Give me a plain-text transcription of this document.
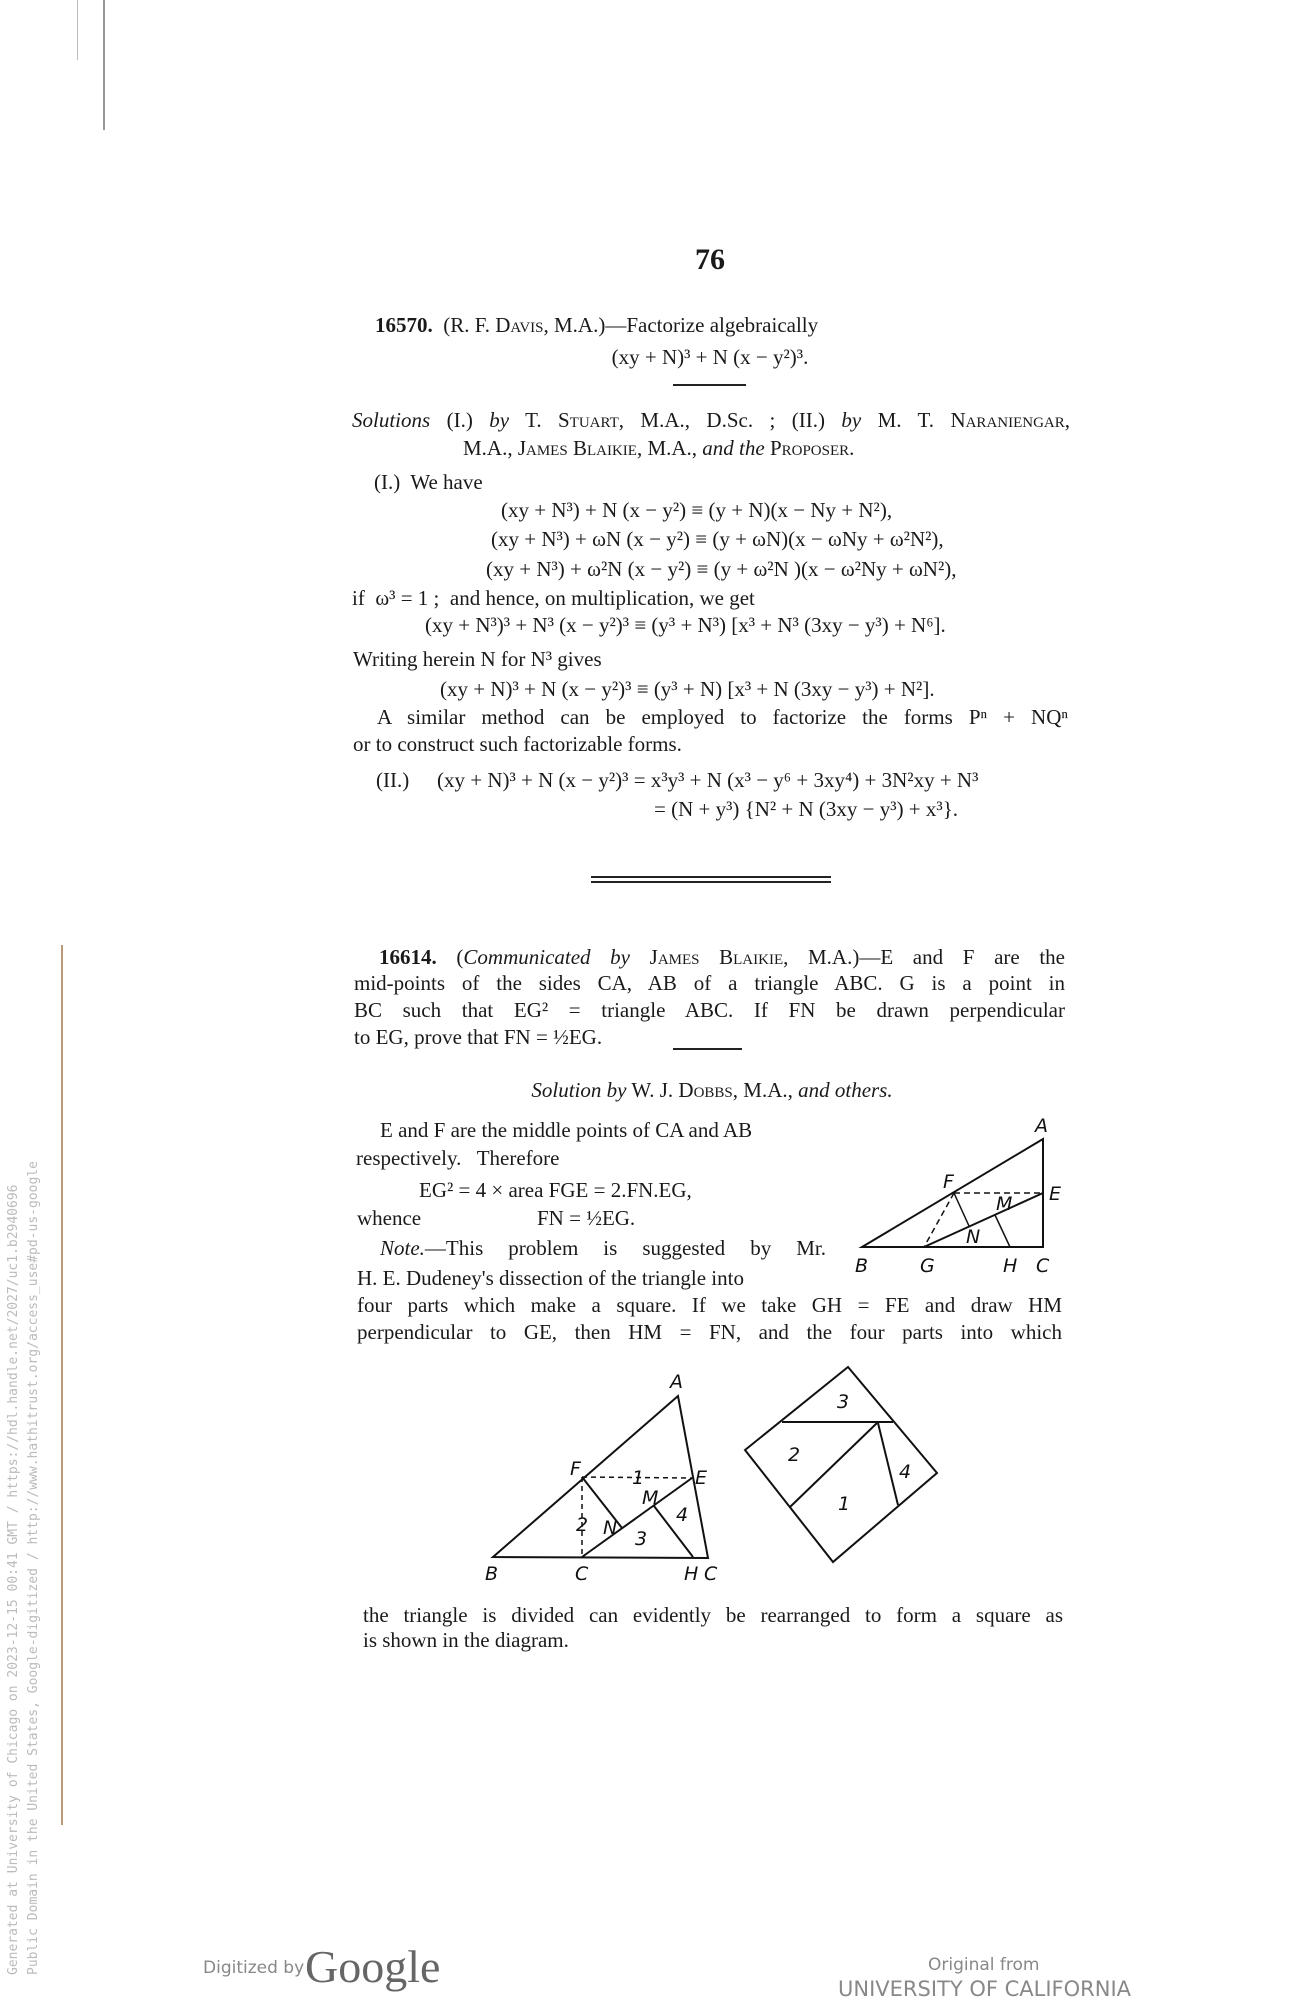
76
16570.  (R. F. Davis, M.A.)—Factorize algebraically
(xy + N)³ + N (x − y²)³.
Solutions (I.) by T. Stuart, M.A., D.Sc. ; (II.) by M. T. Naraniengar,
M.A., James Blaikie, M.A., and the Proposer.
(I.)  We have
(xy + N³) + N (x − y²) ≡ (y + N)(x − Ny + N²),
(xy + N³) + ωN (x − y²) ≡ (y + ωN)(x − ωNy + ω²N²),
(xy + N³) + ω²N (x − y²) ≡ (y + ω²N )(x − ω²Ny + ωN²),
if  ω³ = 1 ;  and hence, on multiplication, we get
(xy + N³)³ + N³ (x − y²)³ ≡ (y³ + N³) [x³ + N³ (3xy − y³) + N⁶].
Writing herein N for N³ gives
(xy + N)³ + N (x − y²)³ ≡ (y³ + N) [x³ + N (3xy − y³) + N²].
A similar method can be employed to factorize the forms Pⁿ + NQⁿ
or to construct such factorizable forms.
(II.) (xy + N)³ + N (x − y²)³ = x³y³ + N (x³ − y⁶ + 3xy⁴) + 3N²xy + N³
= (N + y³) {N² + N (3xy − y³) + x³}.
16614. (Communicated by James Blaikie, M.A.)—E and F are the
mid-points of the sides CA, AB of a triangle ABC. G is a point in
BC such that EG² = triangle ABC. If FN be drawn perpendicular
to EG, prove that FN = ½EG.
Solution by W. J. Dobbs, M.A., and others.
E and F are the middle points of CA and AB
respectively.   Therefore
EG² = 4 × area FGE = 2.FN.EG,
whence	FN = ½EG.
Note.—This problem is suggested by Mr.
H. E. Dudeney's dissection of the triangle into
four parts which make a square. If we take GH = FE and draw HM
perpendicular to GE, then HM = FN, and the four parts into which
the triangle is divided can evidently be rearranged to form a square as
is shown in the diagram.
A
B	G	H C
E
F
M
N
A
B	C	H C
E
F
M
N
1
2
3
4
3
2
1
4
Generated at University of Chicago on 2023-12-15 00:41 GMT / https://hdl.handle.net/2027/uc1.b2940696 Public Domain in the United States, Google-digitized / http://www.hathitrust.org/access_use#pd-us-google	Digitized by Google	Original from
UNIVERSITY OF CALIFORNIA
